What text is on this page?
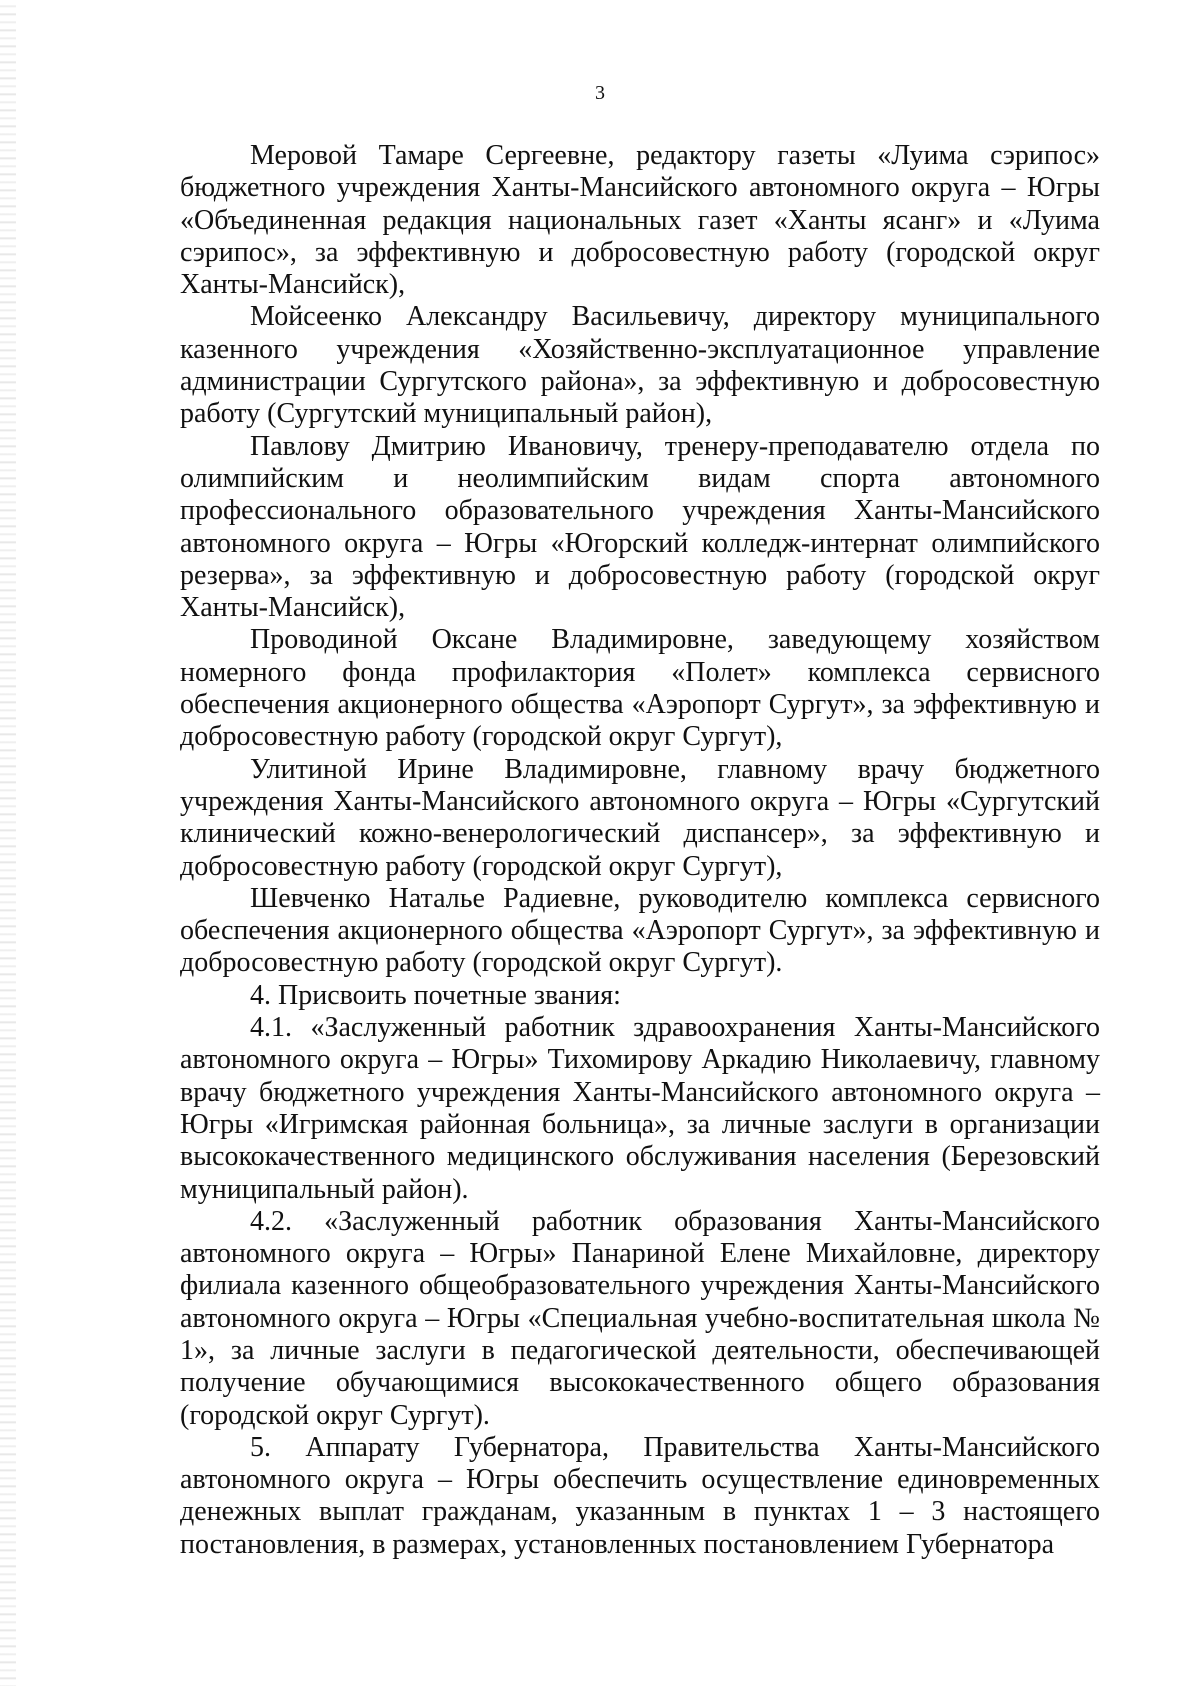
3

Меровой Тамаре Сергеевне, редактору газеты «Луима сэрипос» бюджетного учреждения Ханты-Мансийского автономного округа – Югры «Объединенная редакция национальных газет «Ханты ясанг» и «Луима сэрипос», за эффективную и добросовестную работу (городской округ Ханты-Мансийск),

Мойсеенко Александру Васильевичу, директору муниципального казенного учреждения «Хозяйственно-эксплуатационное управление администрации Сургутского района», за эффективную и добросовестную работу (Сургутский муниципальный район),

Павлову Дмитрию Ивановичу, тренеру-преподавателю отдела по олимпийским и неолимпийским видам спорта автономного профессионального образовательного учреждения Ханты-Мансийского автономного округа – Югры «Югорский колледж-интернат олимпийского резерва», за эффективную и добросовестную работу (городской округ Ханты-Мансийск),

Проводиной Оксане Владимировне, заведующему хозяйством номерного фонда профилактория «Полет» комплекса сервисного обеспечения акционерного общества «Аэропорт Сургут», за эффективную и добросовестную работу (городской округ Сургут),

Улитиной Ирине Владимировне, главному врачу бюджетного учреждения Ханты-Мансийского автономного округа – Югры «Сургутский клинический кожно-венерологический диспансер», за эффективную и добросовестную работу (городской округ Сургут),

Шевченко Наталье Радиевне, руководителю комплекса сервисного обеспечения акционерного общества «Аэропорт Сургут», за эффективную и добросовестную работу (городской округ Сургут).

4. Присвоить почетные звания:

4.1. «Заслуженный работник здравоохранения Ханты-Мансийского автономного округа – Югры» Тихомирову Аркадию Николаевичу, главному врачу бюджетного учреждения Ханты-Мансийского автономного округа – Югры «Игримская районная больница», за личные заслуги в организации высококачественного медицинского обслуживания населения (Березовский муниципальный район).

4.2. «Заслуженный работник образования Ханты-Мансийского автономного округа – Югры» Панариной Елене Михайловне, директору филиала казенного общеобразовательного учреждения Ханты-Мансийского автономного округа – Югры «Специальная учебно-воспитательная школа № 1», за личные заслуги в педагогической деятельности, обеспечивающей получение обучающимися высококачественного общего образования (городской округ Сургут).

5. Аппарату Губернатора, Правительства Ханты-Мансийского автономного округа – Югры обеспечить осуществление единовременных денежных выплат гражданам, указанным в пунктах 1 – 3 настоящего постановления, в размерах, установленных постановлением Губернатора
